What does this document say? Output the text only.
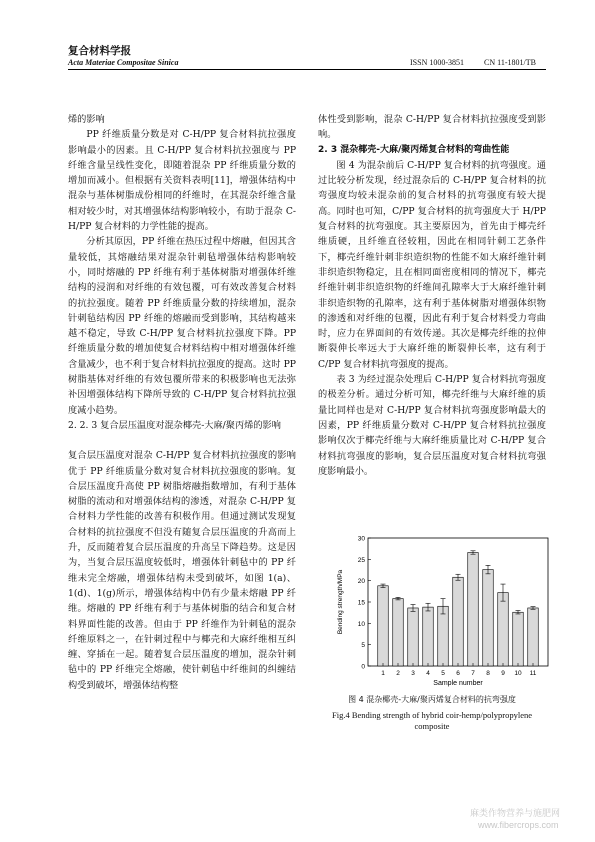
复合材料学报
Acta Materiae Compositae Sinica	ISSN 1000-3851 CN 11-1801/TB

烯的影响

PP 纤维质量分数是对 C-H/PP 复合材料抗拉强度影响最小的因素。且 C-H/PP 复合材料抗拉强度与 PP 纤维含量呈线性变化，即随着混杂 PP 纤维质量分数的增加而减小。但根据有关资料表明[11]，增强体结构中混杂与基体树脂成份相同的纤维时，在其混杂纤维含量相对较少时，对其增强体结构影响较小，有助于混杂 C-H/PP 复合材料的力学性能的提高。

分析其原因，PP 纤维在热压过程中熔融，但因其含量较低，其熔融结果对混杂针刺毡增强体结构影响较小，同时熔融的 PP 纤维有利于基体树脂对增强体纤维结构的浸润和对纤维的有效包覆，可有效改善复合材料的抗拉强度。随着 PP 纤维质量分数的持续增加，混杂针刺毡结构因 PP 纤维的熔融而受到影响，其结构越来越不稳定，导致 C-H/PP 复合材料抗拉强度下降。PP 纤维质量分数的增加使复合材料结构中相对增强体纤维含量减少，也不利于复合材料抗拉强度的提高。这时 PP 树脂基体对纤维的有效包覆所带来的积极影响也无法弥补因增强体结构下降所导致的 C-H/PP 复合材料抗拉强度减小趋势。

2. 2. 3 复合层压温度对混杂椰壳-大麻/聚丙烯的影响

复合层压温度对混杂 C-H/PP 复合材料抗拉强度的影响优于 PP 纤维质量分数对复合材料抗拉强度的影响。复合层压温度升高使 PP 树脂熔融指数增加，有利于基体树脂的流动和对增强体结构的渗透，对混杂 C-H/PP 复合材料力学性能的改善有积极作用。但通过测试发现复合材料的抗拉强度不但没有随复合层压温度的升高而上升，反而随着复合层压温度的升高呈下降趋势。这是因为，当复合层压温度较低时，增强体针刺毡中的 PP 纤维未完全熔融，增强体结构未受到破坏，如图 1(a)、1(d)、1(g)所示，增强体结构中仍有少量未熔融 PP 纤维。熔融的 PP 纤维有利于与基体树脂的结合和复合材料界面性能的改善。但由于 PP 纤维作为针刺毡的混杂纤维原料之一，在针刺过程中与椰壳和大麻纤维相互纠缠、穿插在一起。随着复合层压温度的增加，混杂针刺毡中的 PP 纤维完全熔融，使针刺毡中纤维间的纠缠结构受到破坏，增强体结构整

体性受到影响，混杂 C-H/PP 复合材料抗拉强度受到影响。

2. 3 混杂椰壳-大麻/聚丙烯复合材料的弯曲性能

图 4 为混杂前后 C-H/PP 复合材料的抗弯强度。通过比较分析发现，经过混杂后的 C-H/PP 复合材料的抗弯强度均较未混杂前的复合材料的抗弯强度有较大提高。同时也可知，C/PP 复合材料的抗弯强度大于 H/PP 复合材料的抗弯强度。其主要原因为，首先由于椰壳纤维质硬，且纤维直径较粗，因此在相同针刺工艺条件下，椰壳纤维针刺非织造织物的性能不如大麻纤维针刺非织造织物稳定，且在相同面密度相同的情况下，椰壳纤维针刺非织造织物的纤维间孔隙率大于大麻纤维针刺非织造织物的孔隙率，这有利于基体树脂对增强体织物的渗透和对纤维的包覆，因此有利于复合材料受力弯曲时，应力在界面间的有效传递。其次是椰壳纤维的拉伸断裂伸长率远大于大麻纤维的断裂伸长率，这有利于 C/PP 复合材料抗弯强度的提高。

表 3 为经过混杂处理后 C-H/PP 复合材料抗弯强度的极差分析。通过分析可知，椰壳纤维与大麻纤维的质量比同样也是对 C-H/PP 复合材料抗弯强度影响最大的因素，PP 纤维质量分数对 C-H/PP 复合材料抗拉强度影响仅次于椰壳纤维与大麻纤维质量比对 C-H/PP 复合材料抗弯强度的影响，复合层压温度对复合材料抗弯强度影响最小。

0
5
10
15
20
25
30
1 2 3 4 5 6 7 8 9 10 11
Sample number
Bending strength/MPa
图 4 混杂椰壳-大麻/聚丙烯复合材料的抗弯强度
Fig.4 Bending strength of hybrid coir-hemp/polypropylene composite
麻类作物营养与施肥网
www.fibercrops.com
